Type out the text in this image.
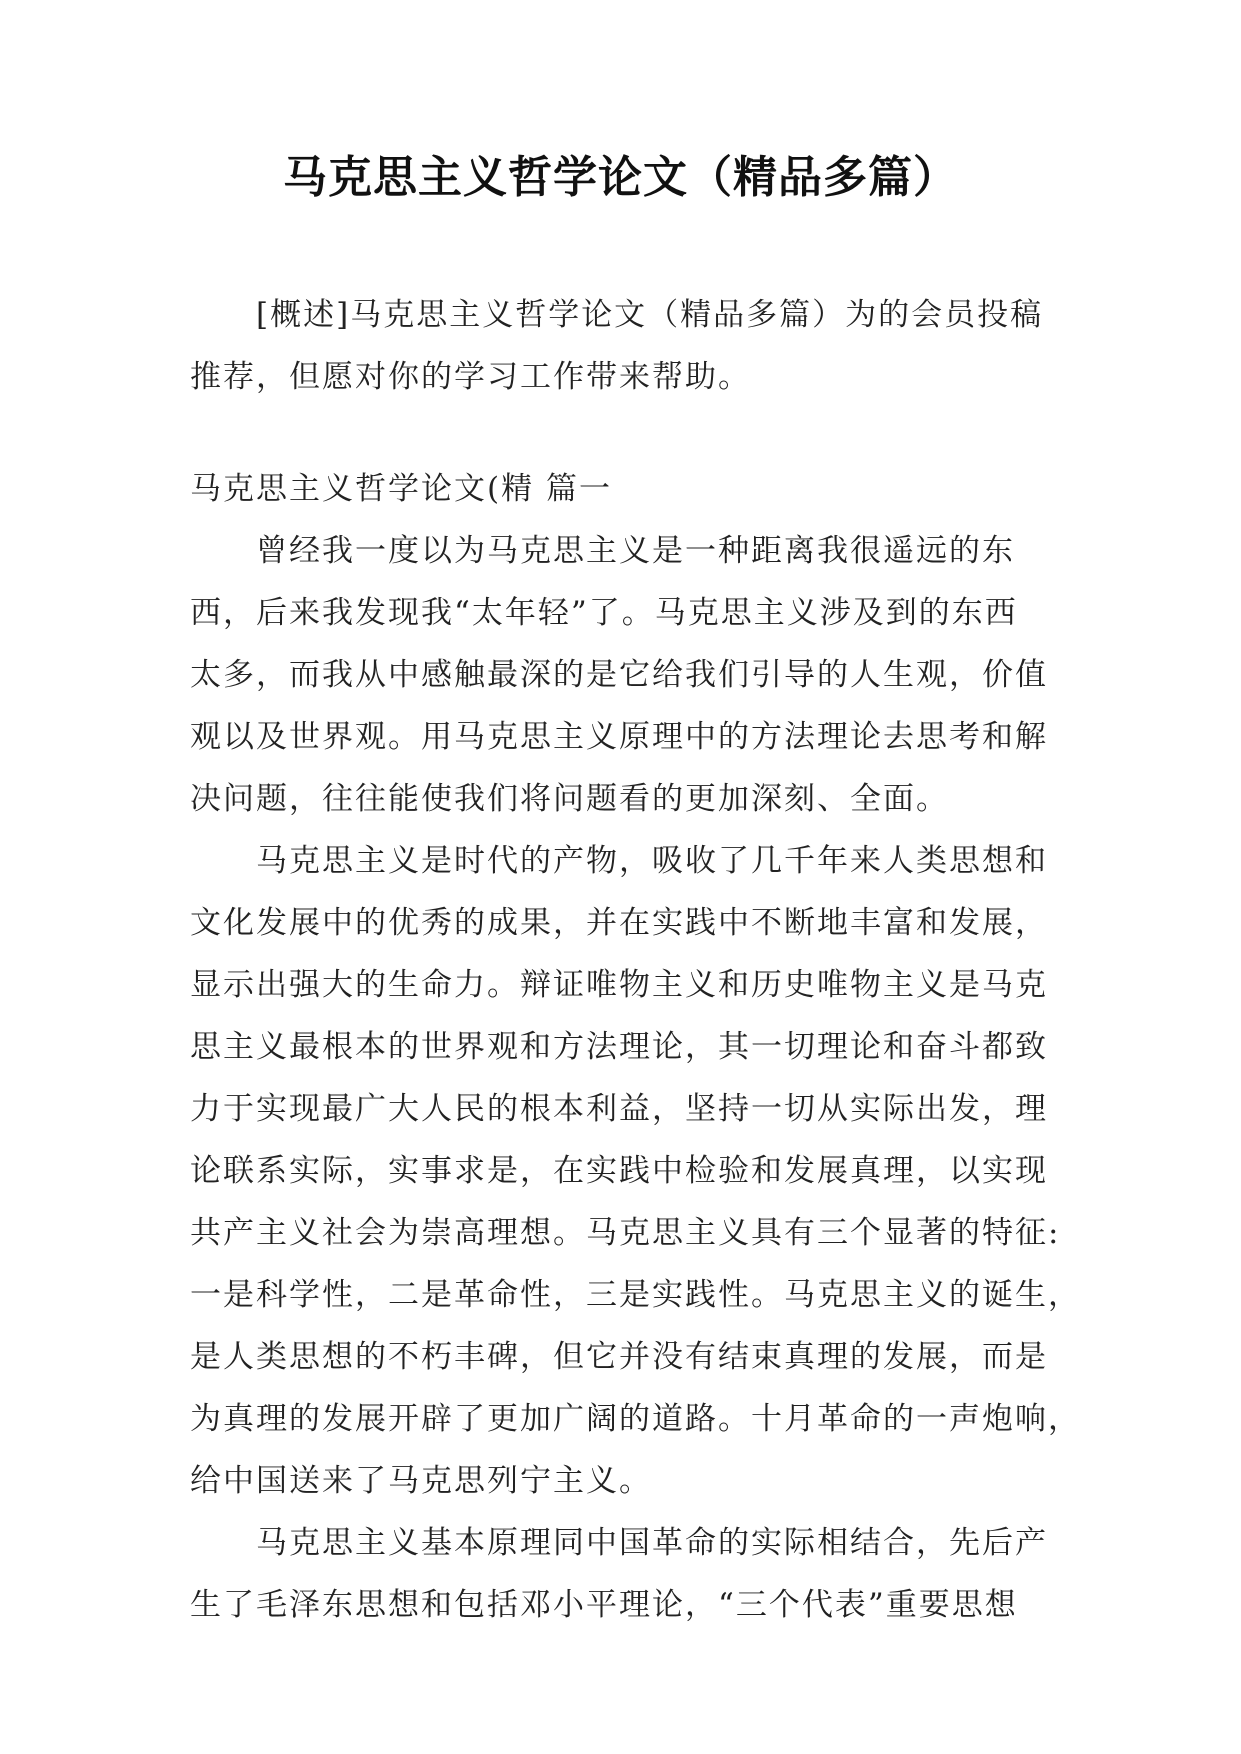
马克思主义哲学论文（精品多篇）
[概述]马克思主义哲学论文（精品多篇）为的会员投稿
推荐，但愿对你的学习工作带来帮助。
马克思主义哲学论文(精 篇一
曾经我一度以为马克思主义是一种距离我很遥远的东
西，后来我发现我“太年轻”了。马克思主义涉及到的东西
太多，而我从中感触最深的是它给我们引导的人生观，价值
观以及世界观。用马克思主义原理中的方法理论去思考和解
决问题，往往能使我们将问题看的更加深刻、全面。
马克思主义是时代的产物，吸收了几千年来人类思想和
文化发展中的优秀的成果，并在实践中不断地丰富和发展，
显示出强大的生命力。辩证唯物主义和历史唯物主义是马克
思主义最根本的世界观和方法理论，其一切理论和奋斗都致
力于实现最广大人民的根本利益，坚持一切从实际出发，理
论联系实际，实事求是，在实践中检验和发展真理，以实现
共产主义社会为崇高理想。马克思主义具有三个显著的特征:
一是科学性，二是革命性，三是实践性。马克思主义的诞生，
是人类思想的不朽丰碑，但它并没有结束真理的发展，而是
为真理的发展开辟了更加广阔的道路。十月革命的一声炮响，
给中国送来了马克思列宁主义。
马克思主义基本原理同中国革命的实际相结合，先后产
生了毛泽东思想和包括邓小平理论，“三个代表”重要思想
